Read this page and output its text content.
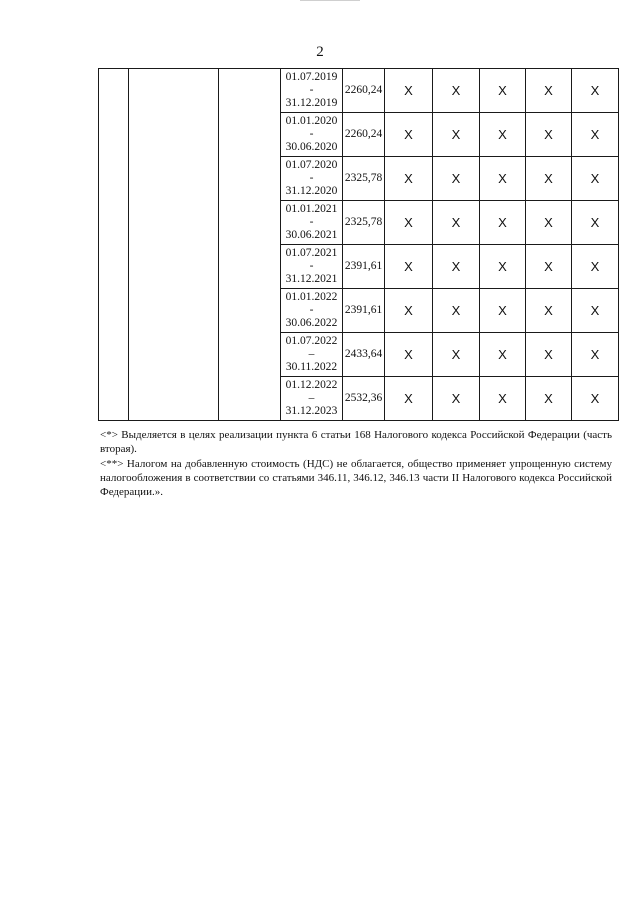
2
			01.07.2019
-
31.12.2019	2260,24	X	X	X	X	X
			01.01.2020
-
30.06.2020	2260,24	X	X	X	X	X
			01.07.2020
-
31.12.2020	2325,78	X	X	X	X	X
			01.01.2021
-
30.06.2021	2325,78	X	X	X	X	X
			01.07.2021
-
31.12.2021	2391,61	X	X	X	X	X
			01.01.2022
-
30.06.2022	2391,61	X	X	X	X	X
			01.07.2022
–
30.11.2022	2433,64	X	X	X	X	X
			01.12.2022
–
31.12.2023	2532,36	X	X	X	X	X

<*> Выделяется в целях реализации пункта 6 статьи 168 Налогового кодекса Российской Федерации (часть вторая).

<**> Налогом на добавленную стоимость (НДС) не облагается, общество применяет упрощенную систему налогообложения в соответствии со статьями 346.11, 346.12, 346.13 части II Налогового кодекса Российской Федерации.».
